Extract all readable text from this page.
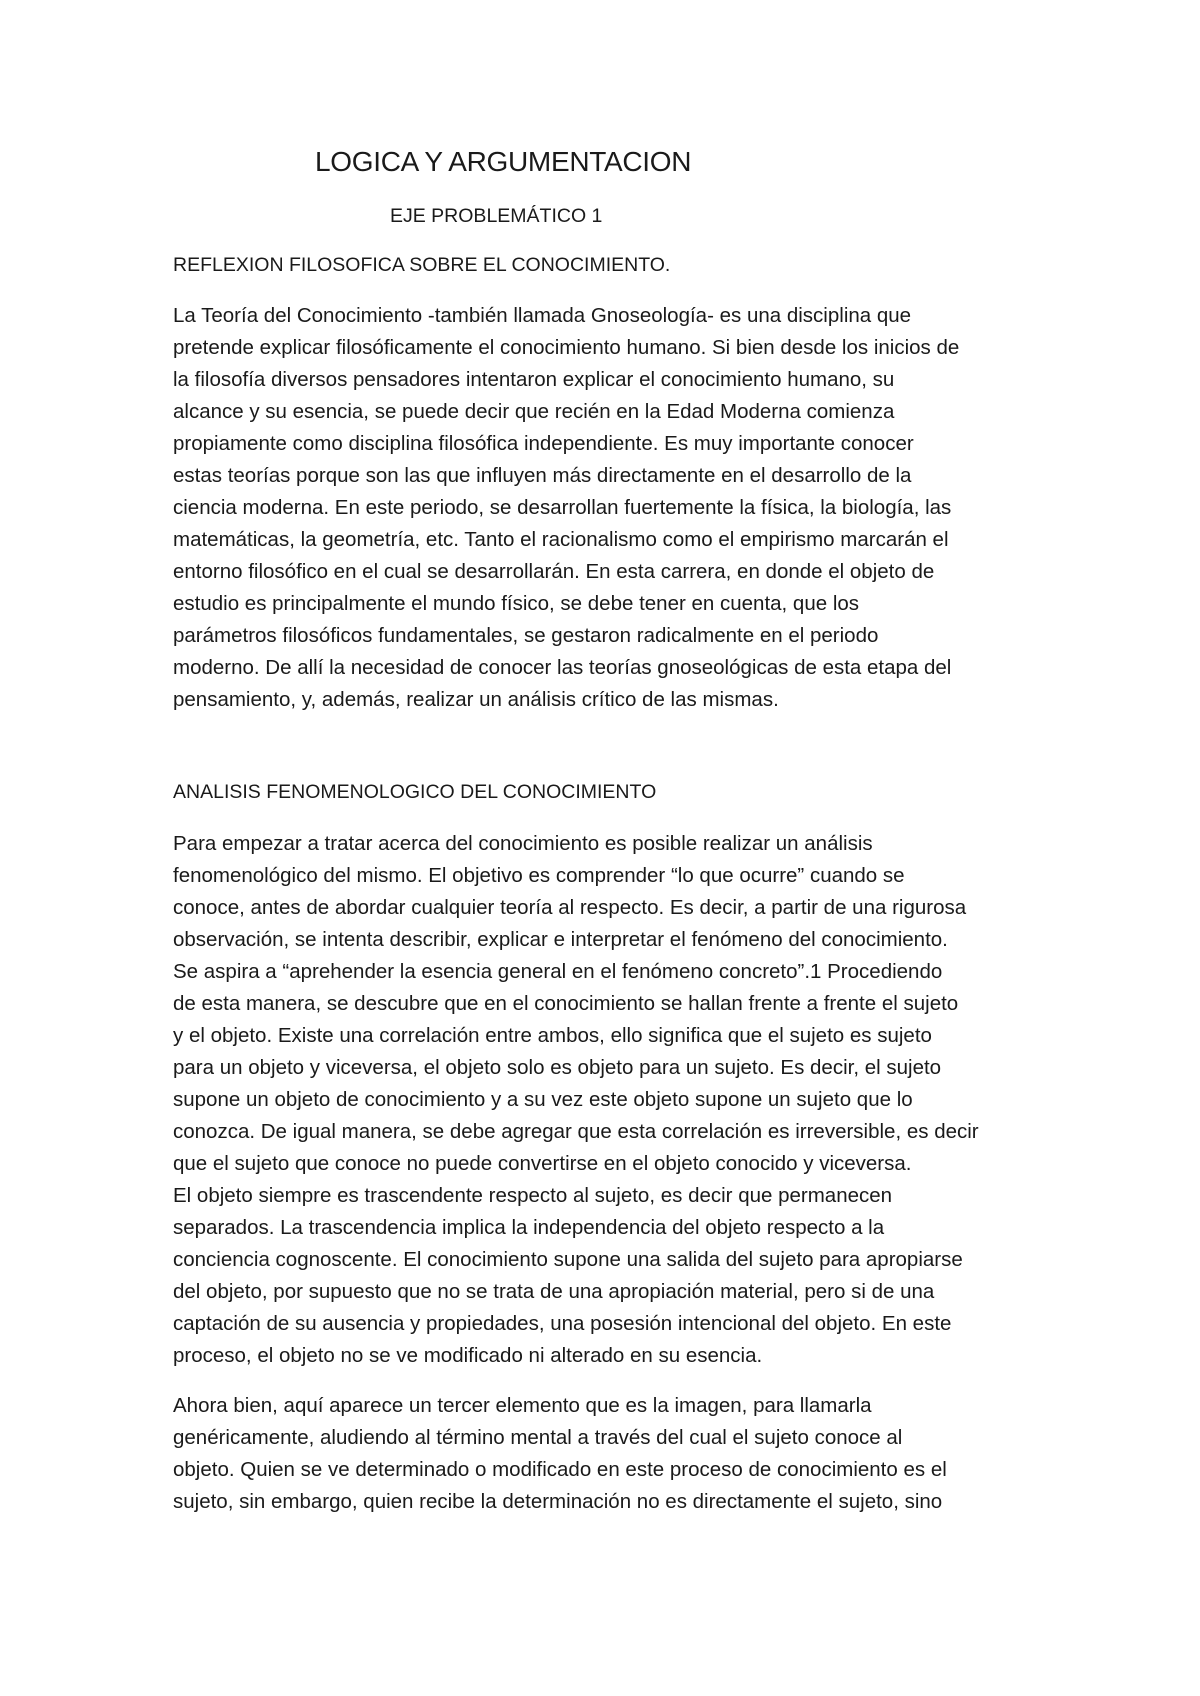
LOGICA Y ARGUMENTACION
EJE PROBLEMÁTICO 1
REFLEXION FILOSOFICA SOBRE EL CONOCIMIENTO.
La Teoría del Conocimiento -también llamada Gnoseología- es una disciplina que
pretende explicar filosóficamente el conocimiento humano. Si bien desde los inicios de
la filosofía diversos pensadores intentaron explicar el conocimiento humano, su
alcance y su esencia, se puede decir que recién en la Edad Moderna comienza
propiamente como disciplina filosófica independiente. Es muy importante conocer
estas teorías porque son las que influyen más directamente en el desarrollo de la
ciencia moderna. En este periodo, se desarrollan fuertemente la física, la biología, las
matemáticas, la geometría, etc. Tanto el racionalismo como el empirismo marcarán el
entorno filosófico en el cual se desarrollarán. En esta carrera, en donde el objeto de
estudio es principalmente el mundo físico, se debe tener en cuenta, que los
parámetros filosóficos fundamentales, se gestaron radicalmente en el periodo
moderno. De allí la necesidad de conocer las teorías gnoseológicas de esta etapa del
pensamiento, y, además, realizar un análisis crítico de las mismas.
ANALISIS FENOMENOLOGICO DEL CONOCIMIENTO
Para empezar a tratar acerca del conocimiento es posible realizar un análisis
fenomenológico del mismo. El objetivo es comprender “lo que ocurre” cuando se
conoce, antes de abordar cualquier teoría al respecto. Es decir, a partir de una rigurosa
observación, se intenta describir, explicar e interpretar el fenómeno del conocimiento.
Se aspira a “aprehender la esencia general en el fenómeno concreto”.1 Procediendo
de esta manera, se descubre que en el conocimiento se hallan frente a frente el sujeto
y el objeto. Existe una correlación entre ambos, ello significa que el sujeto es sujeto
para un objeto y viceversa, el objeto solo es objeto para un sujeto. Es decir, el sujeto
supone un objeto de conocimiento y a su vez este objeto supone un sujeto que lo
conozca. De igual manera, se debe agregar que esta correlación es irreversible, es decir
que el sujeto que conoce no puede convertirse en el objeto conocido y viceversa.
El objeto siempre es trascendente respecto al sujeto, es decir que permanecen
separados. La trascendencia implica la independencia del objeto respecto a la
conciencia cognoscente. El conocimiento supone una salida del sujeto para apropiarse
del objeto, por supuesto que no se trata de una apropiación material, pero si de una
captación de su ausencia y propiedades, una posesión intencional del objeto. En este
proceso, el objeto no se ve modificado ni alterado en su esencia.
Ahora bien, aquí aparece un tercer elemento que es la imagen, para llamarla
genéricamente, aludiendo al término mental a través del cual el sujeto conoce al
objeto. Quien se ve determinado o modificado en este proceso de conocimiento es el
sujeto, sin embargo, quien recibe la determinación no es directamente el sujeto, sino
